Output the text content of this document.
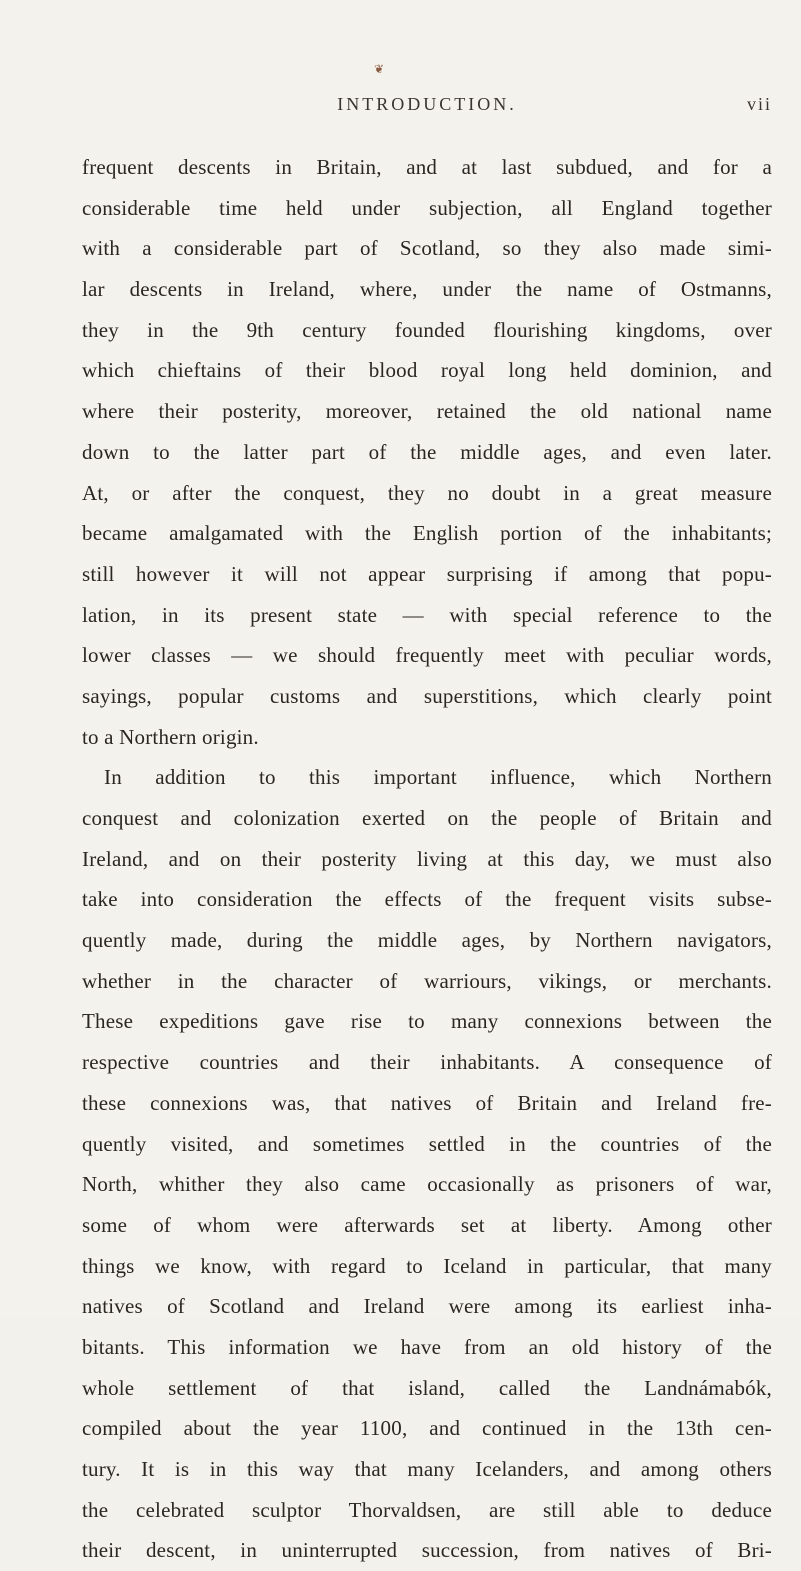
❦
INTRODUCTION.	vii
frequent descents in Britain, and at last subdued, and for a
considerable time held under subjection, all England together
with a considerable part of Scotland, so they also made simi-
lar descents in Ireland, where, under the name of Ostmanns,
they in the 9th century founded flourishing kingdoms, over
which chieftains of their blood royal long held dominion, and
where their posterity, moreover, retained the old national name
down to the latter part of the middle ages, and even later.
At, or after the conquest, they no doubt in a great measure
became amalgamated with the English portion of the inhabitants;
still however it will not appear surprising if among that popu-
lation, in its present state — with special reference to the
lower classes — we should frequently meet with peculiar words,
sayings, popular customs and superstitions, which clearly point
to a Northern origin.
In addition to this important influence, which Northern
conquest and colonization exerted on the people of Britain and
Ireland, and on their posterity living at this day, we must also
take into consideration the effects of the frequent visits subse-
quently made, during the middle ages, by Northern navigators,
whether in the character of warriours, vikings, or merchants.
These expeditions gave rise to many connexions between the
respective countries and their inhabitants. A consequence of
these connexions was, that natives of Britain and Ireland fre-
quently visited, and sometimes settled in the countries of the
North, whither they also came occasionally as prisoners of war,
some of whom were afterwards set at liberty. Among other
things we know, with regard to Iceland in particular, that many
natives of Scotland and Ireland were among its earliest inha-
bitants. This information we have from an old history of the
whole settlement of that island, called the Landnámabók,
compiled about the year 1100, and continued in the 13th cen-
tury. It is in this way that many Icelanders, and among others
the celebrated sculptor Thorvaldsen, are still able to deduce
their descent, in uninterrupted succession, from natives of Bri-
